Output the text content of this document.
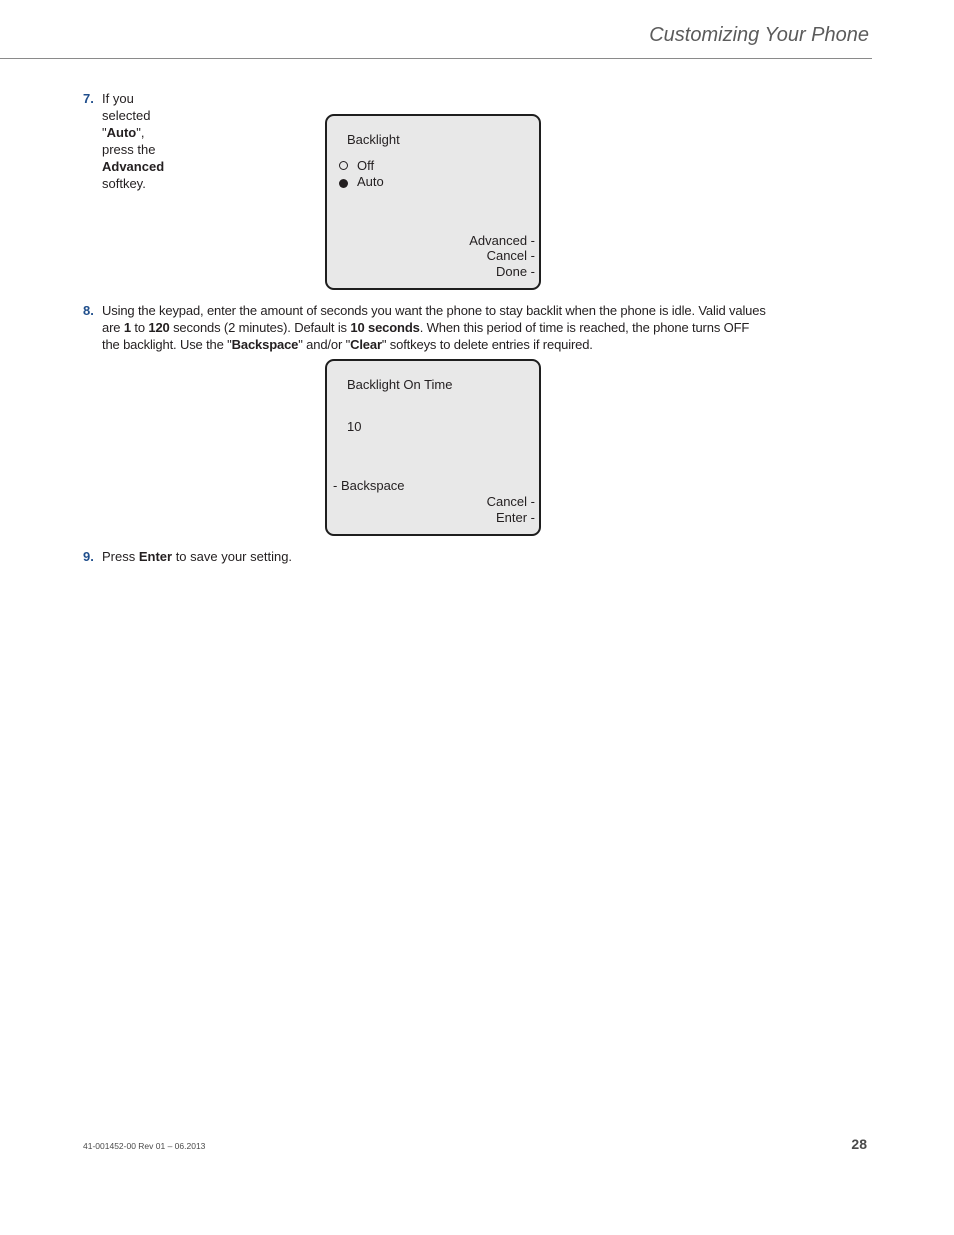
Customizing Your Phone
7. If you selected "Auto", press the Advanced softkey.
Backlight
Off
Auto
Advanced -
Cancel -
Done -
8. Using the keypad, enter the amount of seconds you want the phone to stay backlit when the phone is idle. Valid values
are 1 to 120 seconds (2 minutes). Default is 10 seconds. When this period of time is reached, the phone turns OFF
the backlight. Use the "Backspace" and/or "Clear" softkeys to delete entries if required.
Backlight On Time
10
- Backspace
Cancel -
Enter -
9. Press Enter to save your setting.
41-001452-00 Rev 01 – 06.2013	28
